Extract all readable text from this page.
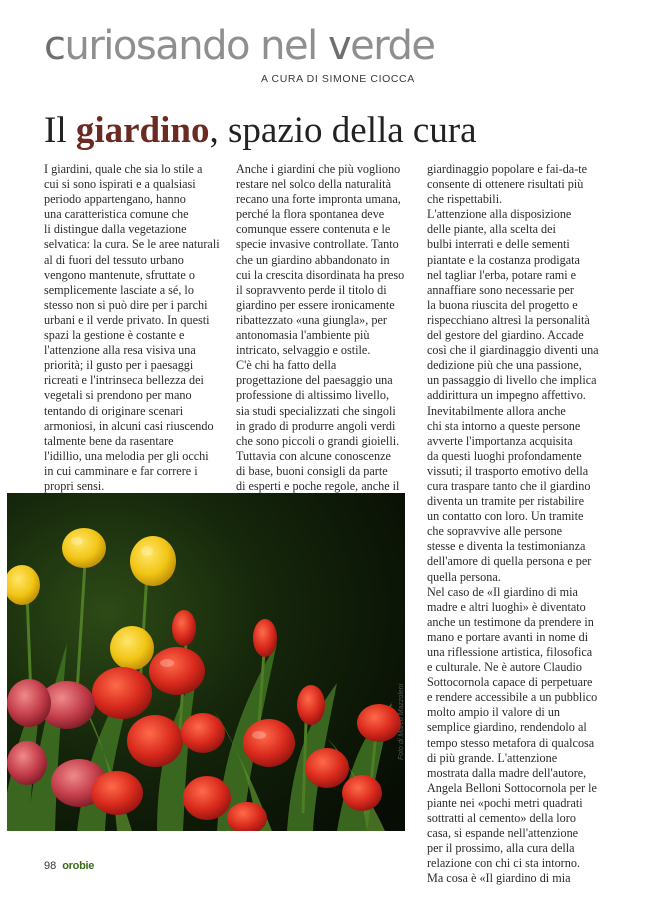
curiosando nel verde
A CURA DI SIMONE CIOCCA
Il giardino, spazio della cura
I giardini, quale che sia lo stile a
cui si sono ispirati e a qualsiasi
periodo appartengano, hanno
una caratteristica comune che
li distingue dalla vegetazione
selvatica: la cura. Se le aree naturali
al di fuori del tessuto urbano
vengono mantenute, sfruttate o
semplicemente lasciate a sé, lo
stesso non si può dire per i parchi
urbani e il verde privato. In questi
spazi la gestione è costante e
l'attenzione alla resa visiva una
priorità; il gusto per i paesaggi
ricreati e l'intrinseca bellezza dei
vegetali si prendono per mano
tentando di originare scenari
armoniosi, in alcuni casi riuscendo
talmente bene da rasentare
l'idillio, una melodia per gli occhi
in cui camminare e far correre i
propri sensi.
Anche i giardini che più vogliono
restare nel solco della naturalità
recano una forte impronta umana,
perché la flora spontanea deve
comunque essere contenuta e le
specie invasive controllate. Tanto
che un giardino abbandonato in
cui la crescita disordinata ha preso
il sopravvento perde il titolo di
giardino per essere ironicamente
ribattezzato «una giungla», per
antonomasia l'ambiente più
intricato, selvaggio e ostile.
C'è chi ha fatto della
progettazione del paesaggio una
professione di altissimo livello,
sia studi specializzati che singoli
in grado di produrre angoli verdi
che sono piccoli o grandi gioielli.
Tuttavia con alcune conoscenze
di base, buoni consigli da parte
di esperti e poche regole, anche il
giardinaggio popolare e fai-da-te
consente di ottenere risultati più
che rispettabili.
L'attenzione alla disposizione
delle piante, alla scelta dei
bulbi interrati e delle sementi
piantate e la costanza prodigata
nel tagliar l'erba, potare rami e
annaffiare sono necessarie per
la buona riuscita del progetto e
rispecchiano altresì la personalità
del gestore del giardino. Accade
così che il giardinaggio diventi una
dedizione più che una passione,
un passaggio di livello che implica
addirittura un impegno affettivo.
Inevitabilmente allora anche
chi sta intorno a queste persone
avverte l'importanza acquisita
da questi luoghi profondamente
vissuti; il trasporto emotivo della
cura traspare tanto che il giardino
diventa un tramite per ristabilire
un contatto con loro. Un tramite
che sopravvive alle persone
stesse e diventa la testimonianza
dell'amore di quella persona e per
quella persona.
Nel caso de «Il giardino di mia
madre e altri luoghi» è diventato
anche un testimone da prendere in
mano e portare avanti in nome di
una riflessione artistica, filosofica
e culturale. Ne è autore Claudio
Sottocornola capace di perpetuare
e rendere accessibile a un pubblico
molto ampio il valore di un
semplice giardino, rendendolo al
tempo stesso metafora di qualcosa
di più grande. L'attenzione
mostrata dalla madre dell'autore,
Angela Belloni Sottocornola per le
piante nei «pochi metri quadrati
sottratti al cemento» della loro
casa, si espande nell'attenzione
per il prossimo, alla cura della
relazione con chi ci sta intorno.
Ma cosa è «Il giardino di mia
Foto di Marco Mazzoleni
98 orobie
